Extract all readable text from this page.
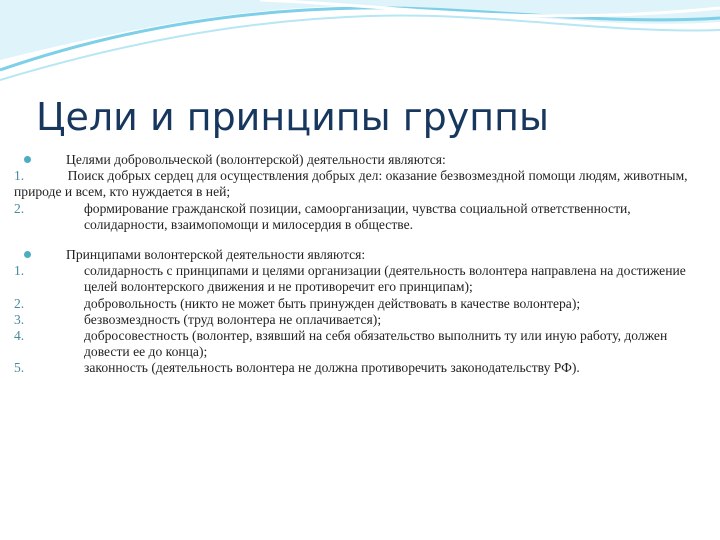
Цели и принципы группы
Целями добровольческой (волонтерской) деятельности являются:
1.	Поиск добрых сердец для осуществления добрых дел: оказание безвозмездной помощи людям, животным, природе и всем, кто нуждается в ней;
2.	формирование гражданской позиции, самоорганизации, чувства социальной ответственности, солидарности, взаимопомощи и милосердия в обществе.
Принципами волонтерской деятельности являются:
1.	солидарность с принципами и целями организации (деятельность волонтера направлена на достижение целей волонтерского движения и не противоречит его принципам);
2.	добровольность (никто не может быть принужден действовать в качестве волонтера);
3.	безвозмездность (труд волонтера не оплачивается);
4.	добросовестность (волонтер, взявший на себя обязательство выполнить ту или иную работу, должен довести ее до конца);
5.	законность (деятельность волонтера не должна противоречить законодательству РФ).
